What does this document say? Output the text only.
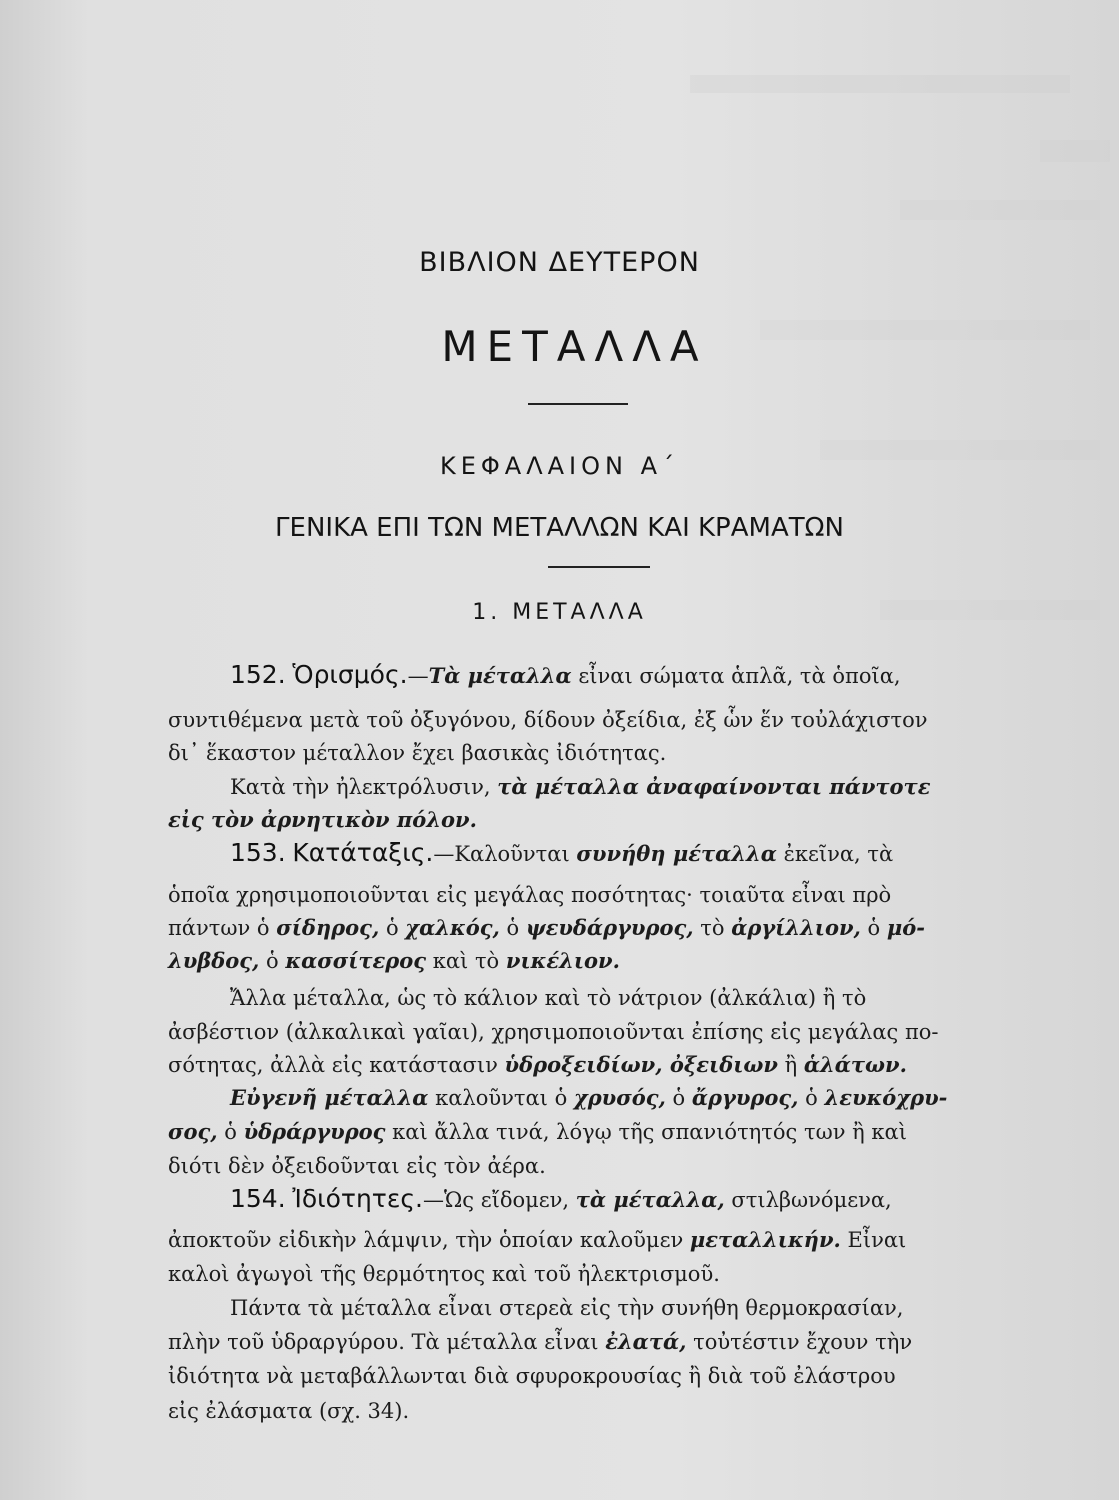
ΒΙΒΛΙΟΝ ΔΕΥΤΕΡΟΝ
ΜΕΤΑΛΛΑ
ΚΕΦΑΛΑΙΟΝ Α΄
ΓΕΝΙΚΑ ΕΠΙ ΤΩΝ ΜΕΤΑΛΛΩΝ ΚΑΙ ΚΡΑΜΑΤΩΝ
1. ΜΕΤΑΛΛΑ
152. Ὁρισμός.—Τὰ μέταλλα εἶναι σώματα ἁπλᾶ, τὰ ὁποῖα,
συντιθέμενα μετὰ τοῦ ὀξυγόνου, δίδουν ὀξείδια, ἐξ ὧν ἕν τοὐλάχιστον
δι᾿ ἕκαστον μέταλλον ἔχει βασικὰς ἰδιότητας.
Κατὰ τὴν ἠλεκτρόλυσιν, τὰ μέταλλα ἀναφαίνονται πάντοτε
εἰς τὸν ἀρνητικὸν πόλον.
153. Κατάταξις.—Καλοῦνται συνήθη μέταλλα ἐκεῖνα, τὰ
ὁποῖα χρησιμοποιοῦνται εἰς μεγάλας ποσότητας· τοιαῦτα εἶναι πρὸ
πάντων ὁ σίδηρος, ὁ χαλκός, ὁ ψευδάργυρος, τὸ ἀργίλλιον, ὁ μό-
λυβδος, ὁ κασσίτερος καὶ τὸ νικέλιον.
Ἄλλα μέταλλα, ὡς τὸ κάλιον καὶ τὸ νάτριον (ἀλκάλια) ἢ τὸ
ἀσβέστιον (ἀλκαλικαὶ γαῖαι), χρησιμοποιοῦνται ἐπίσης εἰς μεγάλας πο-
σότητας, ἀλλὰ εἰς κατάστασιν ὑδροξειδίων, ὀξειδιων ἢ ἁλάτων.
Εὐγενῆ μέταλλα καλοῦνται ὁ χρυσός, ὁ ἄργυρος, ὁ λευκόχρυ-
σος, ὁ ὑδράργυρος καὶ ἄλλα τινά, λόγῳ τῆς σπανιότητός των ἢ καὶ
διότι δὲν ὀξειδοῦνται εἰς τὸν ἀέρα.
154. Ἰδιότητες.—Ὡς εἴδομεν, τὰ μέταλλα, στιλβωνόμενα,
ἀποκτοῦν εἰδικὴν λάμψιν, τὴν ὁποίαν καλοῦμεν μεταλλικήν. Εἶναι
καλοὶ ἀγωγοὶ τῆς θερμότητος καὶ τοῦ ἠλεκτρισμοῦ.
Πάντα τὰ μέταλλα εἶναι στερεὰ εἰς τὴν συνήθη θερμοκρασίαν,
πλὴν τοῦ ὑδραργύρου. Τὰ μέταλλα εἶναι ἐλατά, τοὐτέστιν ἔχουν τὴν
ἰδιότητα νὰ μεταβάλλωνται διὰ σφυροκρουσίας ἢ διὰ τοῦ ἐλάστρου
εἰς ἐλάσματα (σχ. 34).
